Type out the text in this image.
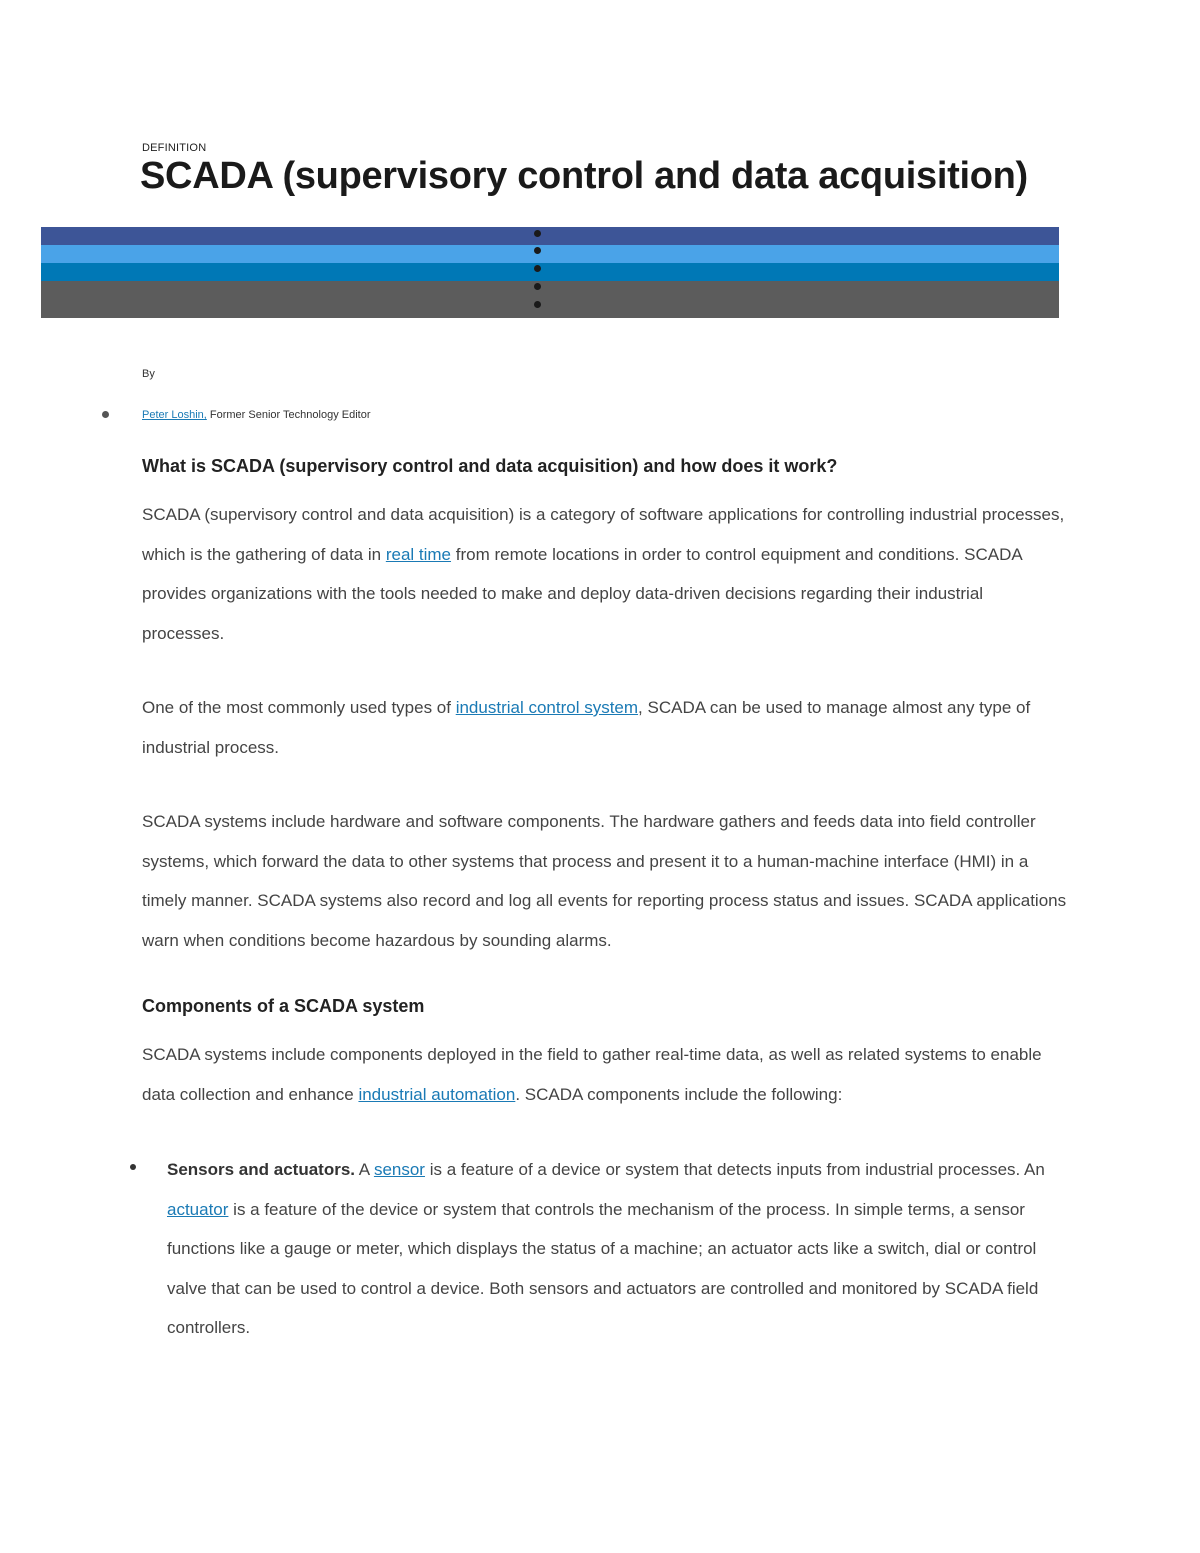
DEFINITION
SCADA (supervisory control and data acquisition)
By
Peter Loshin, Former Senior Technology Editor
What is SCADA (supervisory control and data acquisition) and how does it work?

SCADA (supervisory control and data acquisition) is a category of software applications for controlling industrial processes, which is the gathering of data in real time from remote locations in order to control equipment and conditions. SCADA provides organizations with the tools needed to make and deploy data-driven decisions regarding their industrial processes.

One of the most commonly used types of industrial control system, SCADA can be used to manage almost any type of industrial process.

SCADA systems include hardware and software components. The hardware gathers and feeds data into field controller systems, which forward the data to other systems that process and present it to a human-machine interface (HMI) in a timely manner. SCADA systems also record and log all events for reporting process status and issues. SCADA applications warn when conditions become hazardous by sounding alarms.

Components of a SCADA system

SCADA systems include components deployed in the field to gather real-time data, as well as related systems to enable data collection and enhance industrial automation. SCADA components include the following:

Sensors and actuators. A sensor is a feature of a device or system that detects inputs from industrial processes. An actuator is a feature of the device or system that controls the mechanism of the process. In simple terms, a sensor functions like a gauge or meter, which displays the status of a machine; an actuator acts like a switch, dial or control valve that can be used to control a device. Both sensors and actuators are controlled and monitored by SCADA field controllers.
